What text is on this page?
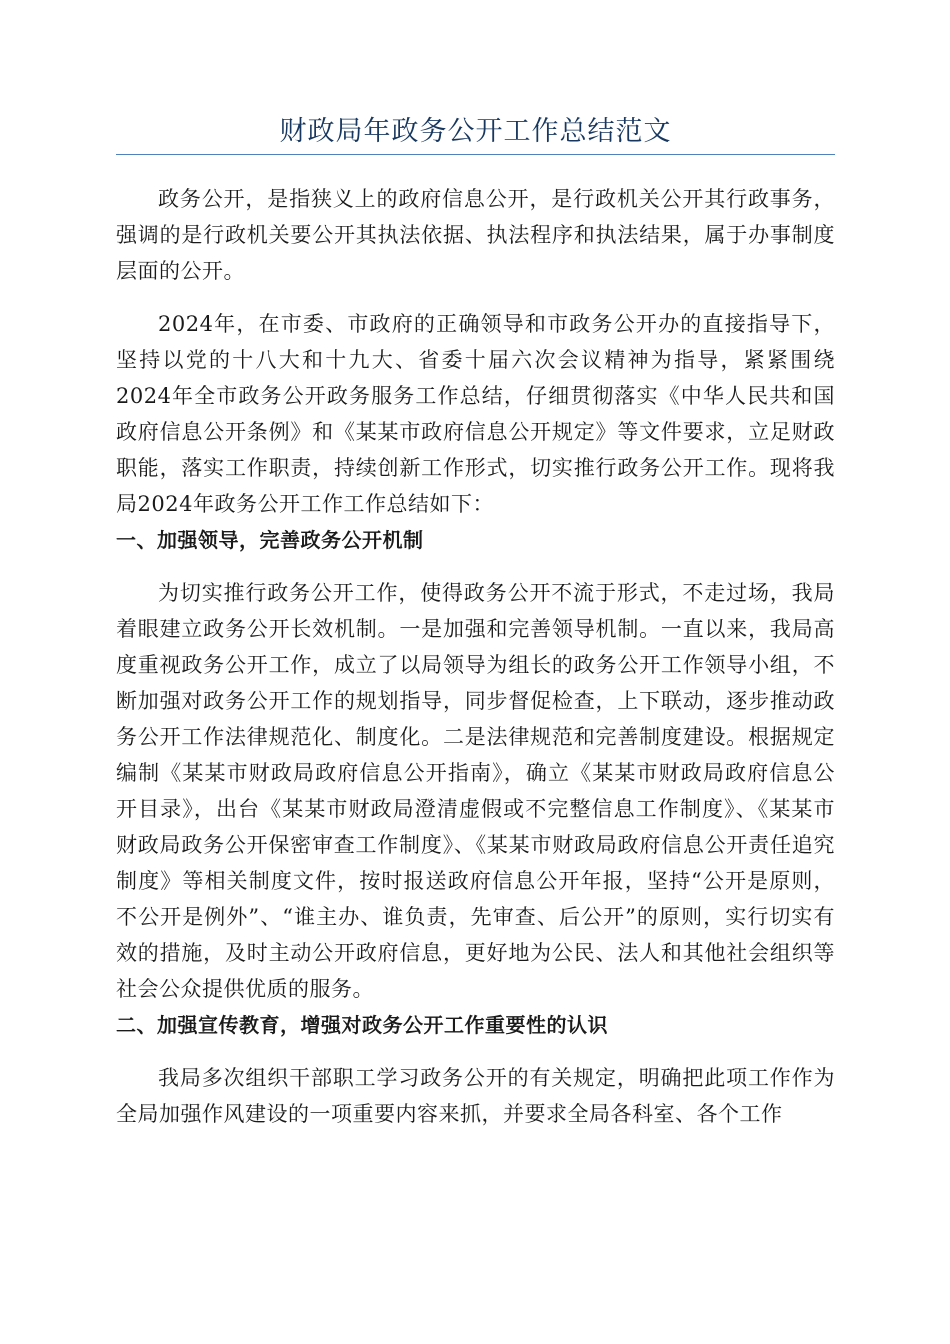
财政局年政务公开工作总结范文

政务公开，是指狭义上的政府信息公开，是行政机关公开其行政事务，强调的是行政机关要公开其执法依据、执法程序和执法结果，属于办事制度层面的公开。

2024年，在市委、市政府的正确领导和市政务公开办的直接指导下，坚持以党的十八大和十九大、省委十届六次会议精神为指导，紧紧围绕2024年全市政务公开政务服务工作总结，仔细贯彻落实《中华人民共和国政府信息公开条例》和《某某市政府信息公开规定》等文件要求，立足财政职能，落实工作职责，持续创新工作形式，切实推行政务公开工作。现将我局2024年政务公开工作工作总结如下：

一、加强领导，完善政务公开机制

为切实推行政务公开工作，使得政务公开不流于形式，不走过场，我局着眼建立政务公开长效机制。一是加强和完善领导机制。一直以来，我局高度重视政务公开工作，成立了以局领导为组长的政务公开工作领导小组，不断加强对政务公开工作的规划指导，同步督促检查，上下联动，逐步推动政务公开工作法律规范化、制度化。二是法律规范和完善制度建设。根据规定编制《某某市财政局政府信息公开指南》，确立《某某市财政局政府信息公开目录》，出台《某某市财政局澄清虚假或不完整信息工作制度》、《某某市财政局政务公开保密审查工作制度》、《某某市财政局政府信息公开责任追究制度》等相关制度文件，按时报送政府信息公开年报，坚持“公开是原则，不公开是例外”、“谁主办、谁负责，先审查、后公开”的原则，实行切实有效的措施，及时主动公开政府信息，更好地为公民、法人和其他社会组织等社会公众提供优质的服务。

二、加强宣传教育，增强对政务公开工作重要性的认识

我局多次组织干部职工学习政务公开的有关规定，明确把此项工作作为全局加强作风建设的一项重要内容来抓，并要求全局各科室、各个工作
